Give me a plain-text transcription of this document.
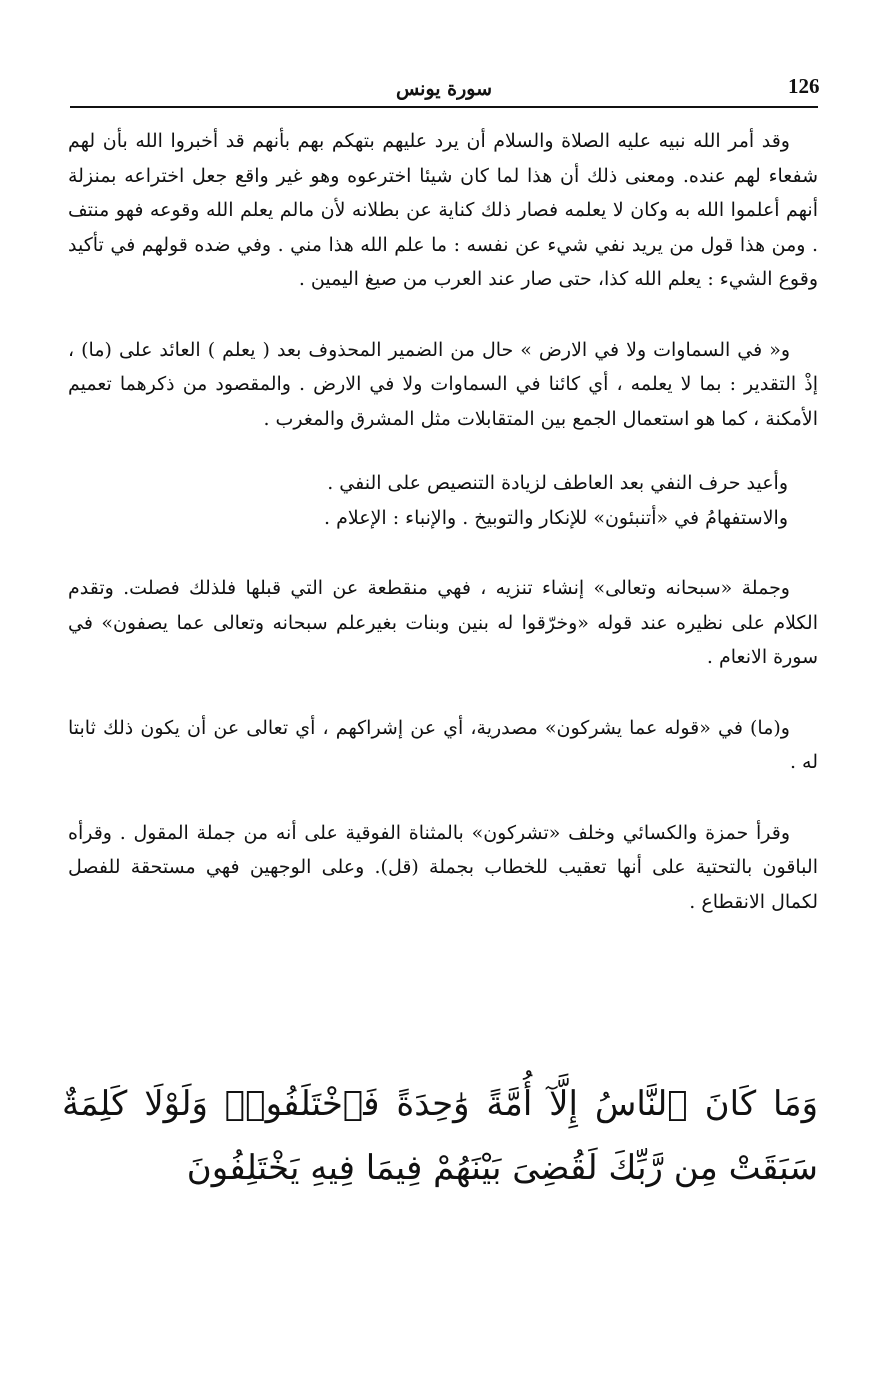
126
سورة يونس

وقد أمر الله نبيه عليه الصلاة والسلام أن يرد عليهم بتهكم بهم بأنهم قد أخبروا الله بأن لهم شفعاء لهم عنده. ومعنى ذلك أن هذا لما كان شيئا اخترعوه وهو غير واقع جعل اختراعه بمنزلة أنهم أعلموا الله به وكان لا يعلمه فصار ذلك كناية عن بطلانه لأن مالم يعلم الله وقوعه فهو منتف . ومن هذا قول من يريد نفي شيء عن نفسه : ما علم الله هذا مني . وفي ضده قولهم في تأكيد وقوع الشيء : يعلم الله كذا، حتى صار عند العرب من صيغ اليمين .

و« في السماوات ولا في الارض » حال من الضمير المحذوف بعد ( يعلم ) العائد على (ما) ، إذْ التقدير : بما لا يعلمه ، أي كائنا في السماوات ولا في الارض . والمقصود من ذكرهما تعميم الأمكنة ، كما هو استعمال الجمع بين المتقابلات مثل المشرق والمغرب .

وأعيد حرف النفي بعد العاطف لزيادة التنصيص على النفي .

والاستفهامُ في «أتنبئون» للإنكار والتوبيخ . والإنباء : الإعلام .

وجملة «سبحانه وتعالى» إنشاء تنزيه ، فهي منقطعة عن التي قبلها فلذلك فصلت. وتقدم الكلام على نظيره عند قوله «وخرّقوا له بنين وبنات بغيرعلم سبحانه وتعالى عما يصفون» في سورة الانعام .

و(ما) في «قوله عما يشركون» مصدرية، أي عن إشراكهم ، أي تعالى عن أن يكون ذلك ثابتا له .

وقرأ حمزة والكسائي وخلف «تشركون» بالمثناة الفوقية على أنه من جملة المقول . وقرأه الباقون بالتحتية على أنها تعقيب للخطاب بجملة (قل). وعلى الوجهين فهي مستحقة للفصل لكمال الانقطاع .

وَمَا كَانَ ٱلنَّاسُ إِلَّآ أُمَّةً وَٰحِدَةً فَٱخْتَلَفُوا۟ وَلَوْلَا كَلِمَةٌ سَبَقَتْ مِن رَّبِّكَ لَقُضِىَ بَيْنَهُمْ فِيمَا فِيهِ يَخْتَلِفُونَ
